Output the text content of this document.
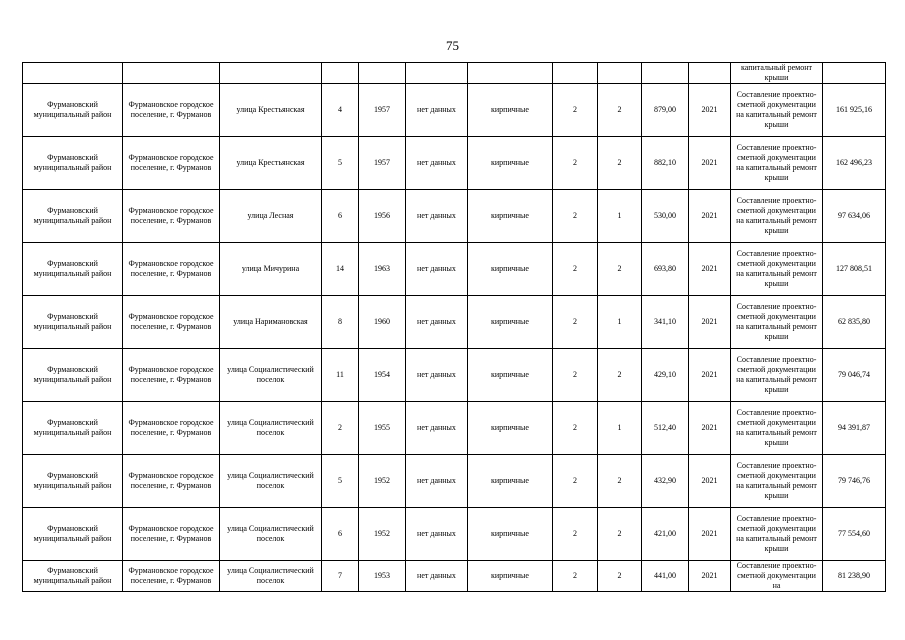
75
											капитальный ремонт крыши	
Фурмановский муниципальный район	Фурмановское городское поселение, г. Фурманов	улица Крестьянская	4	1957	нет данных	кирпичные	2	2	879,00	2021	Составление проектно-сметной документации на капитальный ремонт крыши	161 925,16
Фурмановский муниципальный район	Фурмановское городское поселение, г. Фурманов	улица Крестьянская	5	1957	нет данных	кирпичные	2	2	882,10	2021	Составление проектно-сметной документации на капитальный ремонт крыши	162 496,23
Фурмановский муниципальный район	Фурмановское городское поселение, г. Фурманов	улица Лесная	6	1956	нет данных	кирпичные	2	1	530,00	2021	Составление проектно-сметной документации на капитальный ремонт крыши	97 634,06
Фурмановский муниципальный район	Фурмановское городское поселение, г. Фурманов	улица Мичурина	14	1963	нет данных	кирпичные	2	2	693,80	2021	Составление проектно-сметной документации на капитальный ремонт крыши	127 808,51
Фурмановский муниципальный район	Фурмановское городское поселение, г. Фурманов	улица Наримановская	8	1960	нет данных	кирпичные	2	1	341,10	2021	Составление проектно-сметной документации на капитальный ремонт крыши	62 835,80
Фурмановский муниципальный район	Фурмановское городское поселение, г. Фурманов	улица Социалистический поселок	11	1954	нет данных	кирпичные	2	2	429,10	2021	Составление проектно-сметной документации на капитальный ремонт крыши	79 046,74
Фурмановский муниципальный район	Фурмановское городское поселение, г. Фурманов	улица Социалистический поселок	2	1955	нет данных	кирпичные	2	1	512,40	2021	Составление проектно-сметной документации на капитальный ремонт крыши	94 391,87
Фурмановский муниципальный район	Фурмановское городское поселение, г. Фурманов	улица Социалистический поселок	5	1952	нет данных	кирпичные	2	2	432,90	2021	Составление проектно-сметной документации на капитальный ремонт крыши	79 746,76
Фурмановский муниципальный район	Фурмановское городское поселение, г. Фурманов	улица Социалистический поселок	6	1952	нет данных	кирпичные	2	2	421,00	2021	Составление проектно-сметной документации на капитальный ремонт крыши	77 554,60
Фурмановский муниципальный район	Фурмановское городское поселение, г. Фурманов	улица Социалистический поселок	7	1953	нет данных	кирпичные	2	2	441,00	2021	Составление проектно-сметной документации на	81 238,90
